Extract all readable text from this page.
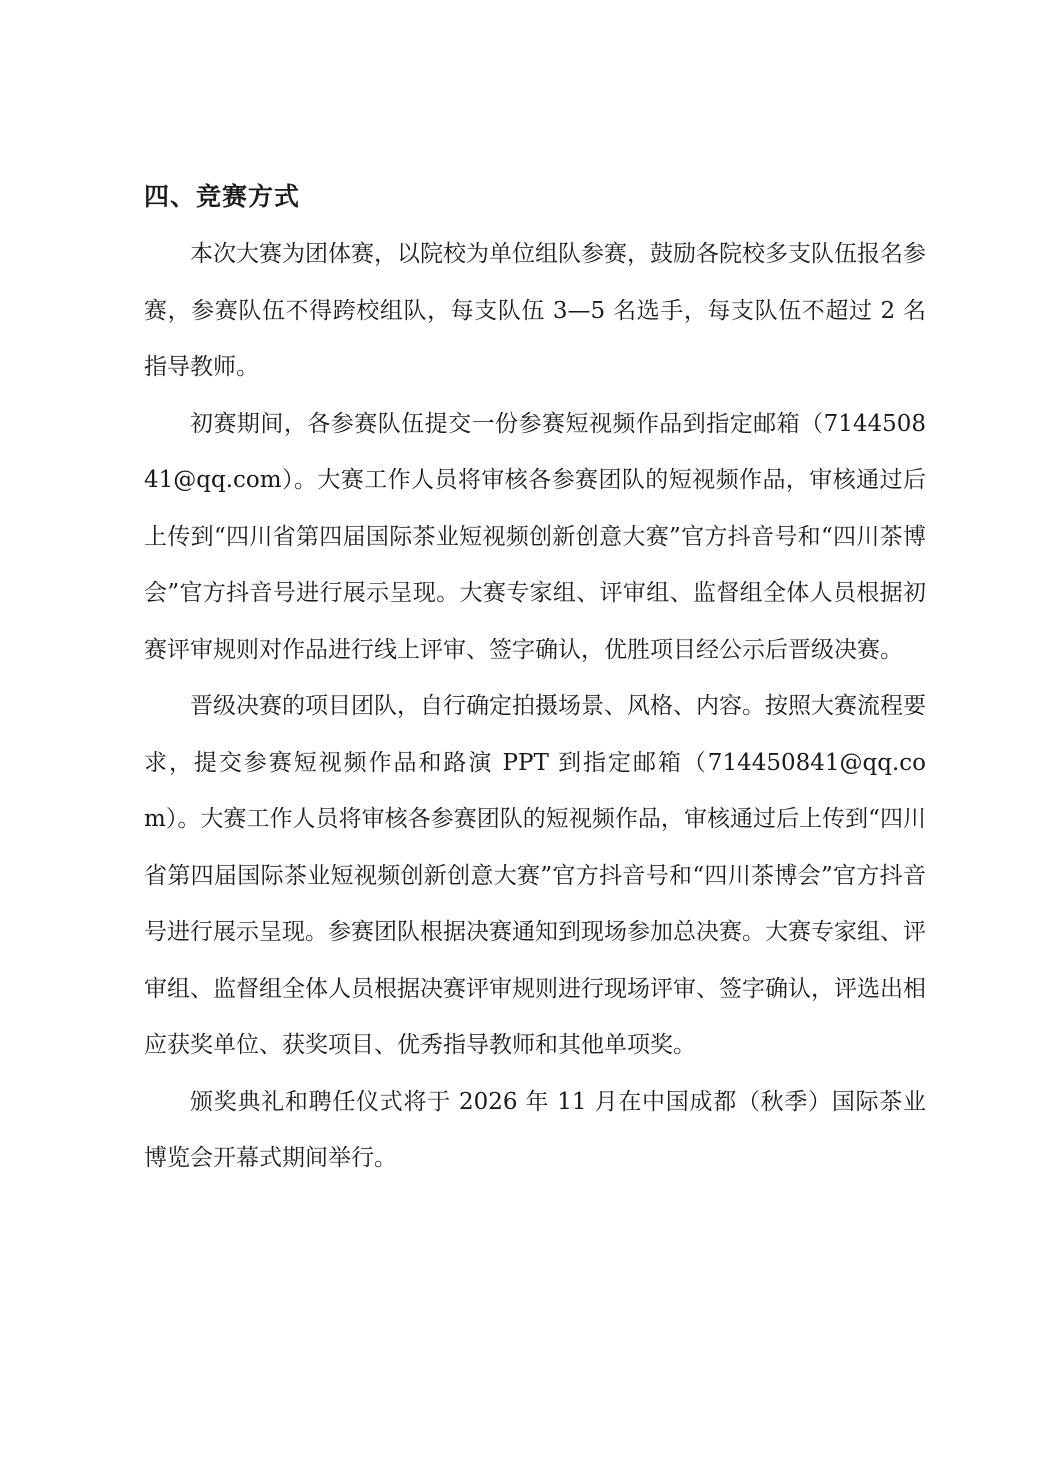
四、竞赛方式

本次大赛为团体赛，以院校为单位组队参赛，鼓励各院校多支队伍报名参赛，参赛队伍不得跨校组队，每支队伍 3—5 名选手，每支队伍不超过 2 名指导教师。

初赛期间，各参赛队伍提交一份参赛短视频作品到指定邮箱（714450841@qq.com）。大赛工作人员将审核各参赛团队的短视频作品，审核通过后上传到“四川省第四届国际茶业短视频创新创意大赛”官方抖音号和“四川茶博会”官方抖音号进行展示呈现。大赛专家组、评审组、监督组全体人员根据初赛评审规则对作品进行线上评审、签字确认，优胜项目经公示后晋级决赛。

晋级决赛的项目团队，自行确定拍摄场景、风格、内容。按照大赛流程要求，提交参赛短视频作品和路演 PPT 到指定邮箱（714450841@qq.com）。大赛工作人员将审核各参赛团队的短视频作品，审核通过后上传到“四川省第四届国际茶业短视频创新创意大赛”官方抖音号和“四川茶博会”官方抖音号进行展示呈现。参赛团队根据决赛通知到现场参加总决赛。大赛专家组、评审组、监督组全体人员根据决赛评审规则进行现场评审、签字确认，评选出相应获奖单位、获奖项目、优秀指导教师和其他单项奖。

颁奖典礼和聘任仪式将于 2026 年 11 月在中国成都（秋季）国际茶业博览会开幕式期间举行。
